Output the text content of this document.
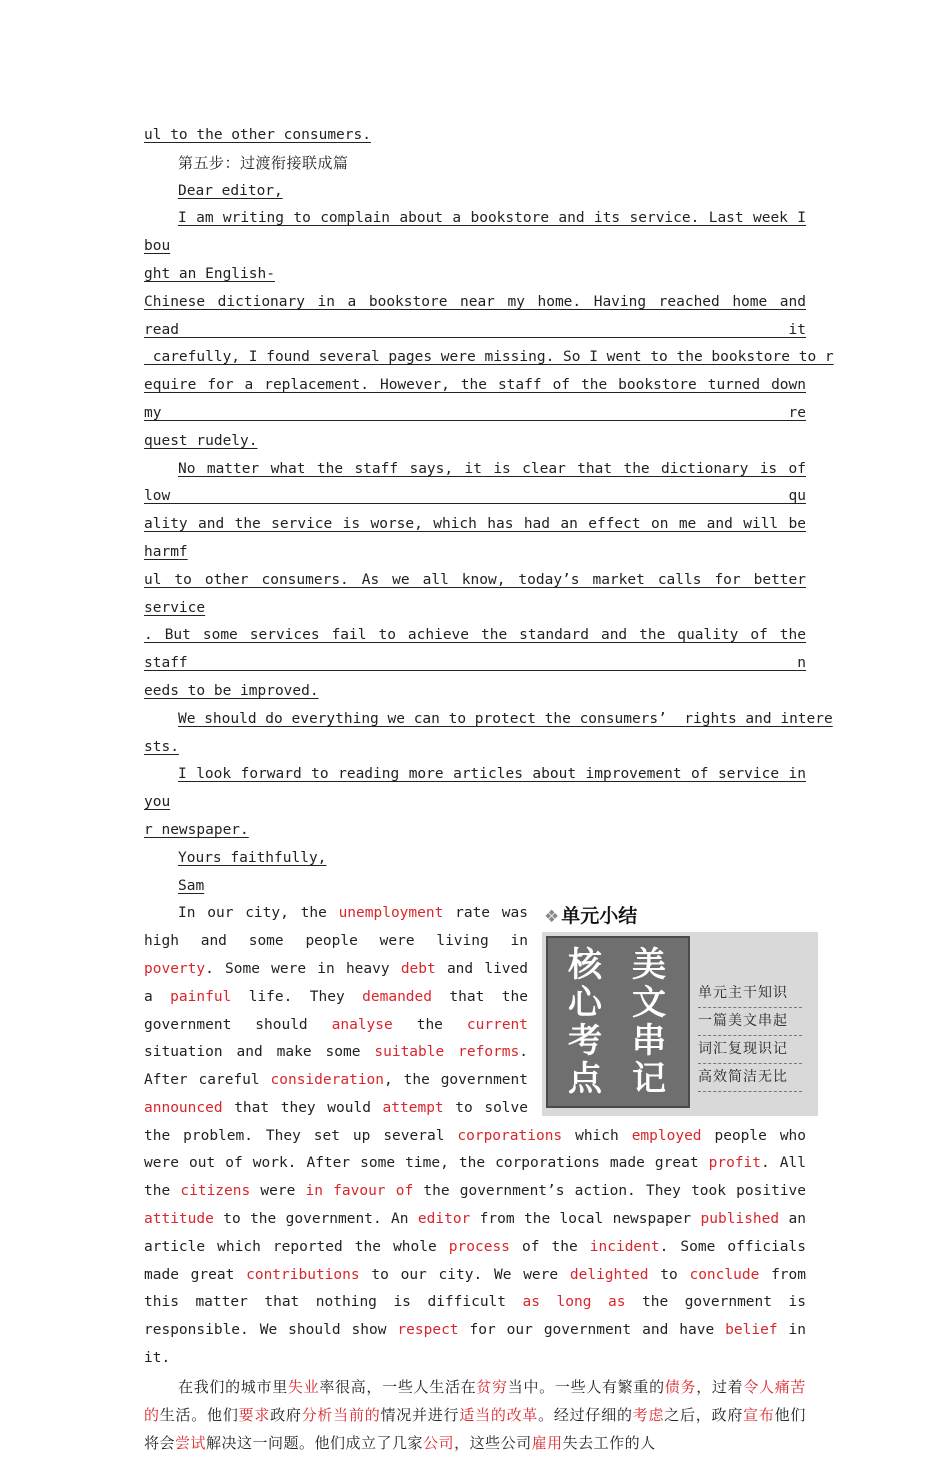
ul to the other consumers.

第五步：过渡衔接联成篇

Dear editor,

I am writing to complain about a bookstore and its service. Last week I bou

ght an English-

Chinese dictionary in a bookstore near my home. Having reached home and read it

carefully, I found several pages were missing. So I went to the bookstore to r

equire for a replacement. However, the staff of the bookstore turned down my re

quest rudely.

No matter what the staff says, it is clear that the dictionary is of low qu

ality and the service is worse, which has had an effect on me and will be harmf

ul to other consumers. As we all know, today’s market calls for better service

. But some services fail to achieve the standard and the quality of the staff n

eeds to be improved.

We should do everything we can to protect the consumers’  rights and intere

sts.

I look forward to reading more articles about improvement of service in you

r newspaper.

Yours faithfully,

Sam

❖ 单元小结
核
心
考
点
美
文
串
记
单元主干知识
一篇美文串起
词汇复现识记
高效简洁无比

In our city, the unemployment rate was high and some people were living in poverty. Some were in heavy debt and lived a painful life. They demanded that the government should analyse the current situation and make some suitable reforms. After careful consideration, the government announced that they would attempt to solve the problem. They set up several corporations which employed people who were out of work. After some time, the corporations made great profit. All the citizens were in favour of the government’s action. They took positive attitude to the government. An editor from the local newspaper published an article which reported the whole process of the incident. Some officials made great contributions to our city. We were delighted to conclude from this matter that nothing is difficult as long as the government is responsible. We should show respect for our government and have belief in it.

在我们的城市里失业率很高，一些人生活在贫穷当中。一些人有繁重的债务，过着令人痛苦的生活。他们要求政府分析当前的情况并进行适当的改革。经过仔细的考虑之后，政府宣布他们将会尝试解决这一问题。他们成立了几家公司，这些公司雇用失去工作的人
